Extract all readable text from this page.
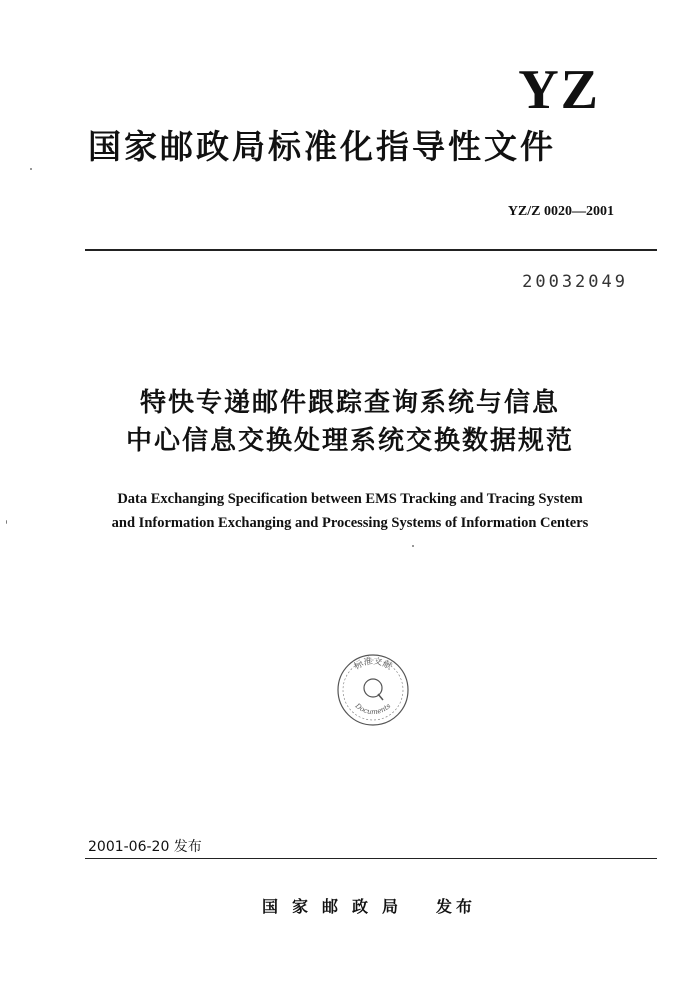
YZ
国家邮政局标准化指导性文件
YZ/Z 0020—2001
20032049
特快专递邮件跟踪查询系统与信息
中心信息交换处理系统交换数据规范
Data Exchanging Specification between EMS Tracking and Tracing System
and Information Exchanging and Processing Systems of Information Centers
标准文献
Documents
2001-06-20 发布
国家邮政局 发布
